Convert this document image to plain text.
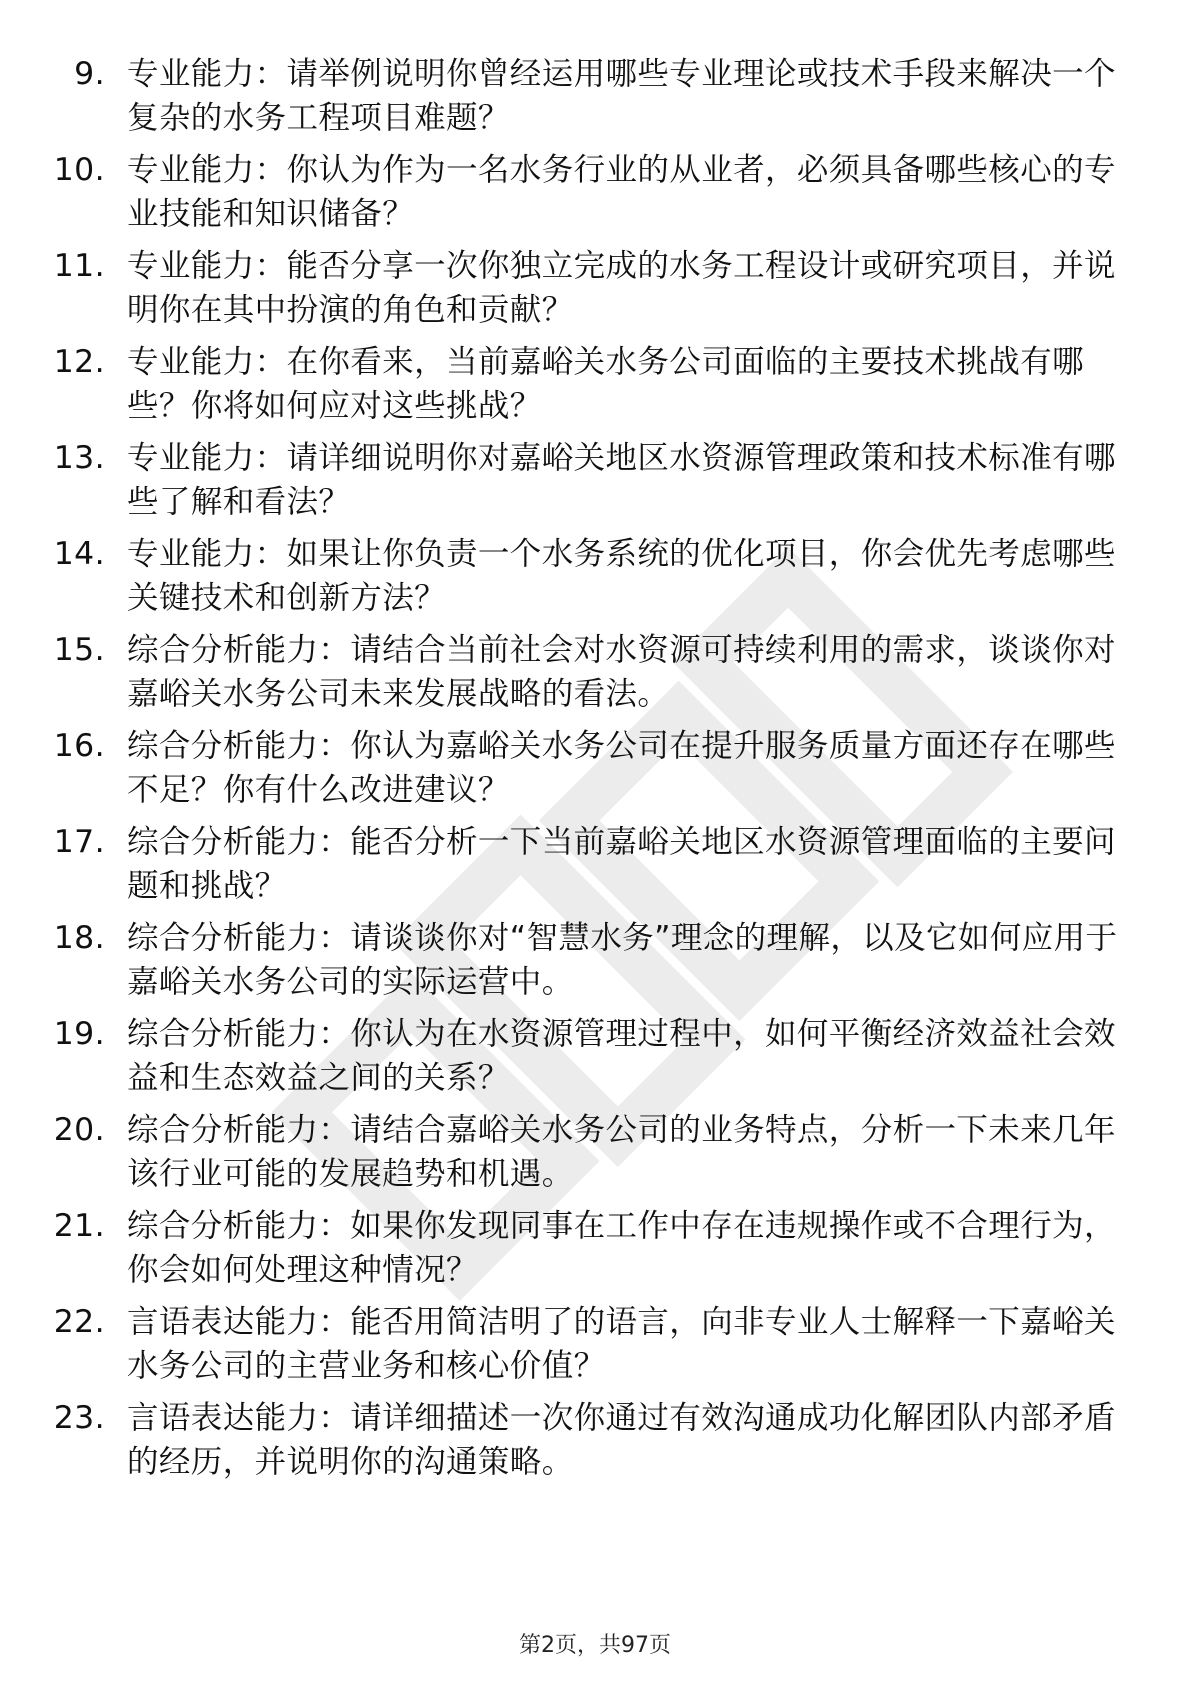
9. 专业能力：请举例说明你曾经运用哪些专业理论或技术手段来解决一个复杂的水务工程项目难题？
10. 专业能力：你认为作为一名水务行业的从业者，必须具备哪些核心的专业技能和知识储备？
11. 专业能力：能否分享一次你独立完成的水务工程设计或研究项目，并说明你在其中扮演的角色和贡献？
12. 专业能力：在你看来，当前嘉峪关水务公司面临的主要技术挑战有哪些？你将如何应对这些挑战？
13. 专业能力：请详细说明你对嘉峪关地区水资源管理政策和技术标准有哪些了解和看法？
14. 专业能力：如果让你负责一个水务系统的优化项目，你会优先考虑哪些关键技术和创新方法？
15. 综合分析能力：请结合当前社会对水资源可持续利用的需求，谈谈你对嘉峪关水务公司未来发展战略的看法。
16. 综合分析能力：你认为嘉峪关水务公司在提升服务质量方面还存在哪些不足？你有什么改进建议？
17. 综合分析能力：能否分析一下当前嘉峪关地区水资源管理面临的主要问题和挑战？
18. 综合分析能力：请谈谈你对“智慧水务”理念的理解，以及它如何应用于嘉峪关水务公司的实际运营中。
19. 综合分析能力：你认为在水资源管理过程中，如何平衡经济效益社会效益和生态效益之间的关系？
20. 综合分析能力：请结合嘉峪关水务公司的业务特点，分析一下未来几年该行业可能的发展趋势和机遇。
21. 综合分析能力：如果你发现同事在工作中存在违规操作或不合理行为，你会如何处理这种情况？
22. 言语表达能力：能否用简洁明了的语言，向非专业人士解释一下嘉峪关水务公司的主营业务和核心价值？
23. 言语表达能力：请详细描述一次你通过有效沟通成功化解团队内部矛盾的经历，并说明你的沟通策略。
第2页，共97页
